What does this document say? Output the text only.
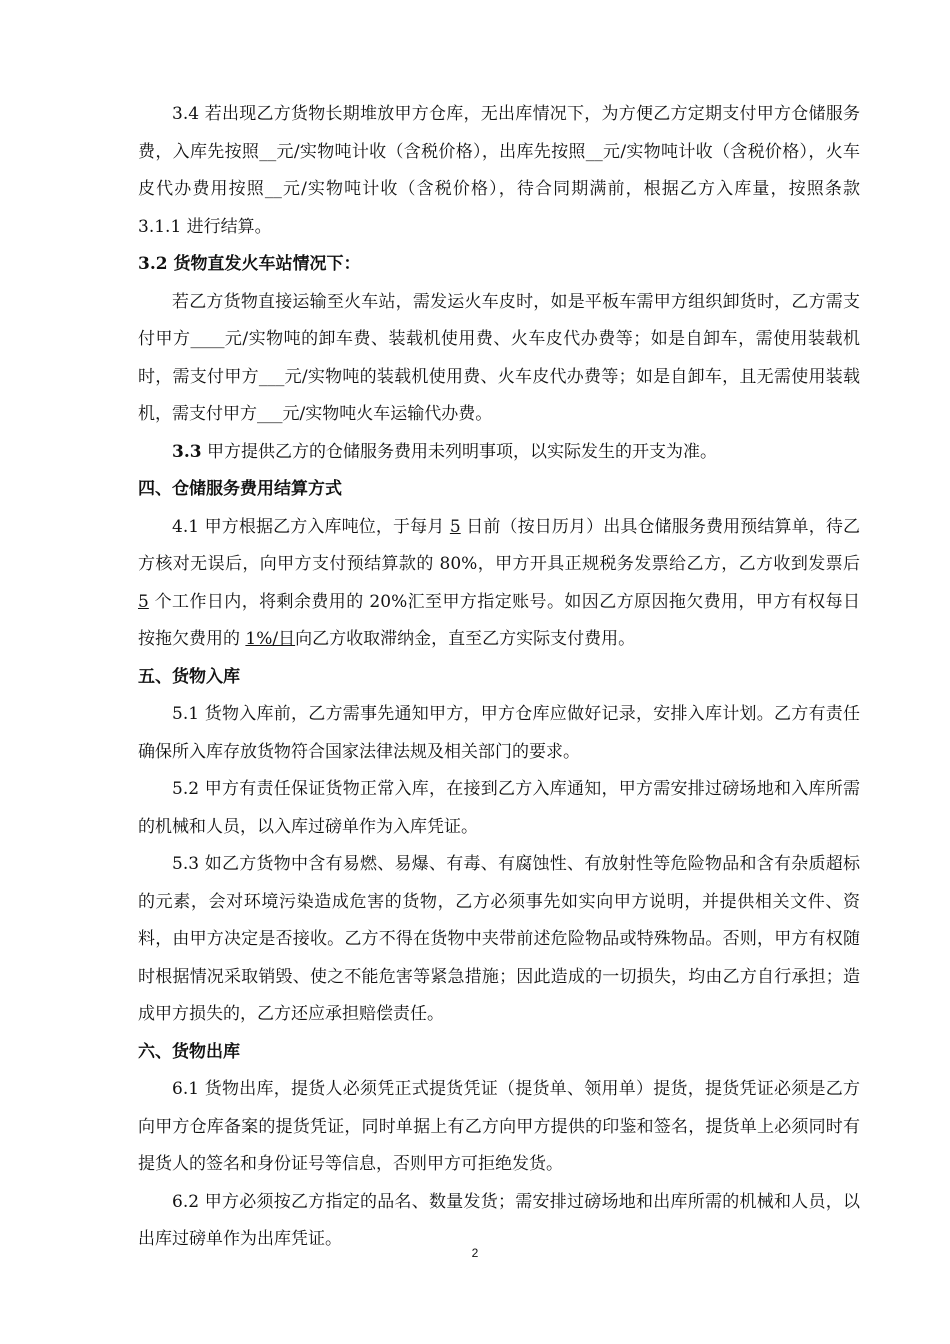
3.4 若出现乙方货物长期堆放甲方仓库，无出库情况下，为方便乙方定期支付甲方仓储服务费，入库先按照__元/实物吨计收（含税价格），出库先按照__元/实物吨计收（含税价格），火车皮代办费用按照__元/实物吨计收（含税价格），待合同期满前，根据乙方入库量，按照条款 3.1.1 进行结算。

3.2 货物直发火车站情况下：

若乙方货物直接运输至火车站，需发运火车皮时，如是平板车需甲方组织卸货时，乙方需支付甲方____元/实物吨的卸车费、装载机使用费、火车皮代办费等；如是自卸车，需使用装载机时，需支付甲方___元/实物吨的装载机使用费、火车皮代办费等；如是自卸车，且无需使用装载机，需支付甲方___元/实物吨火车运输代办费。

3.3 甲方提供乙方的仓储服务费用未列明事项，以实际发生的开支为准。

四、仓储服务费用结算方式

4.1 甲方根据乙方入库吨位，于每月 5 日前（按日历月）出具仓储服务费用预结算单，待乙方核对无误后，向甲方支付预结算款的 80%，甲方开具正规税务发票给乙方，乙方收到发票后 5 个工作日内，将剩余费用的 20%汇至甲方指定账号。如因乙方原因拖欠费用，甲方有权每日按拖欠费用的 1%/日向乙方收取滞纳金，直至乙方实际支付费用。

五、货物入库

5.1 货物入库前，乙方需事先通知甲方，甲方仓库应做好记录，安排入库计划。乙方有责任确保所入库存放货物符合国家法律法规及相关部门的要求。

5.2 甲方有责任保证货物正常入库，在接到乙方入库通知，甲方需安排过磅场地和入库所需的机械和人员，以入库过磅单作为入库凭证。

5.3 如乙方货物中含有易燃、易爆、有毒、有腐蚀性、有放射性等危险物品和含有杂质超标的元素，会对环境污染造成危害的货物，乙方必须事先如实向甲方说明，并提供相关文件、资料，由甲方决定是否接收。乙方不得在货物中夹带前述危险物品或特殊物品。否则，甲方有权随时根据情况采取销毁、使之不能危害等紧急措施；因此造成的一切损失，均由乙方自行承担；造成甲方损失的，乙方还应承担赔偿责任。

六、货物出库

6.1 货物出库，提货人必须凭正式提货凭证（提货单、领用单）提货，提货凭证必须是乙方向甲方仓库备案的提货凭证，同时单据上有乙方向甲方提供的印鉴和签名，提货单上必须同时有提货人的签名和身份证号等信息，否则甲方可拒绝发货。

6.2 甲方必须按乙方指定的品名、数量发货；需安排过磅场地和出库所需的机械和人员，以出库过磅单作为出库凭证。

2
